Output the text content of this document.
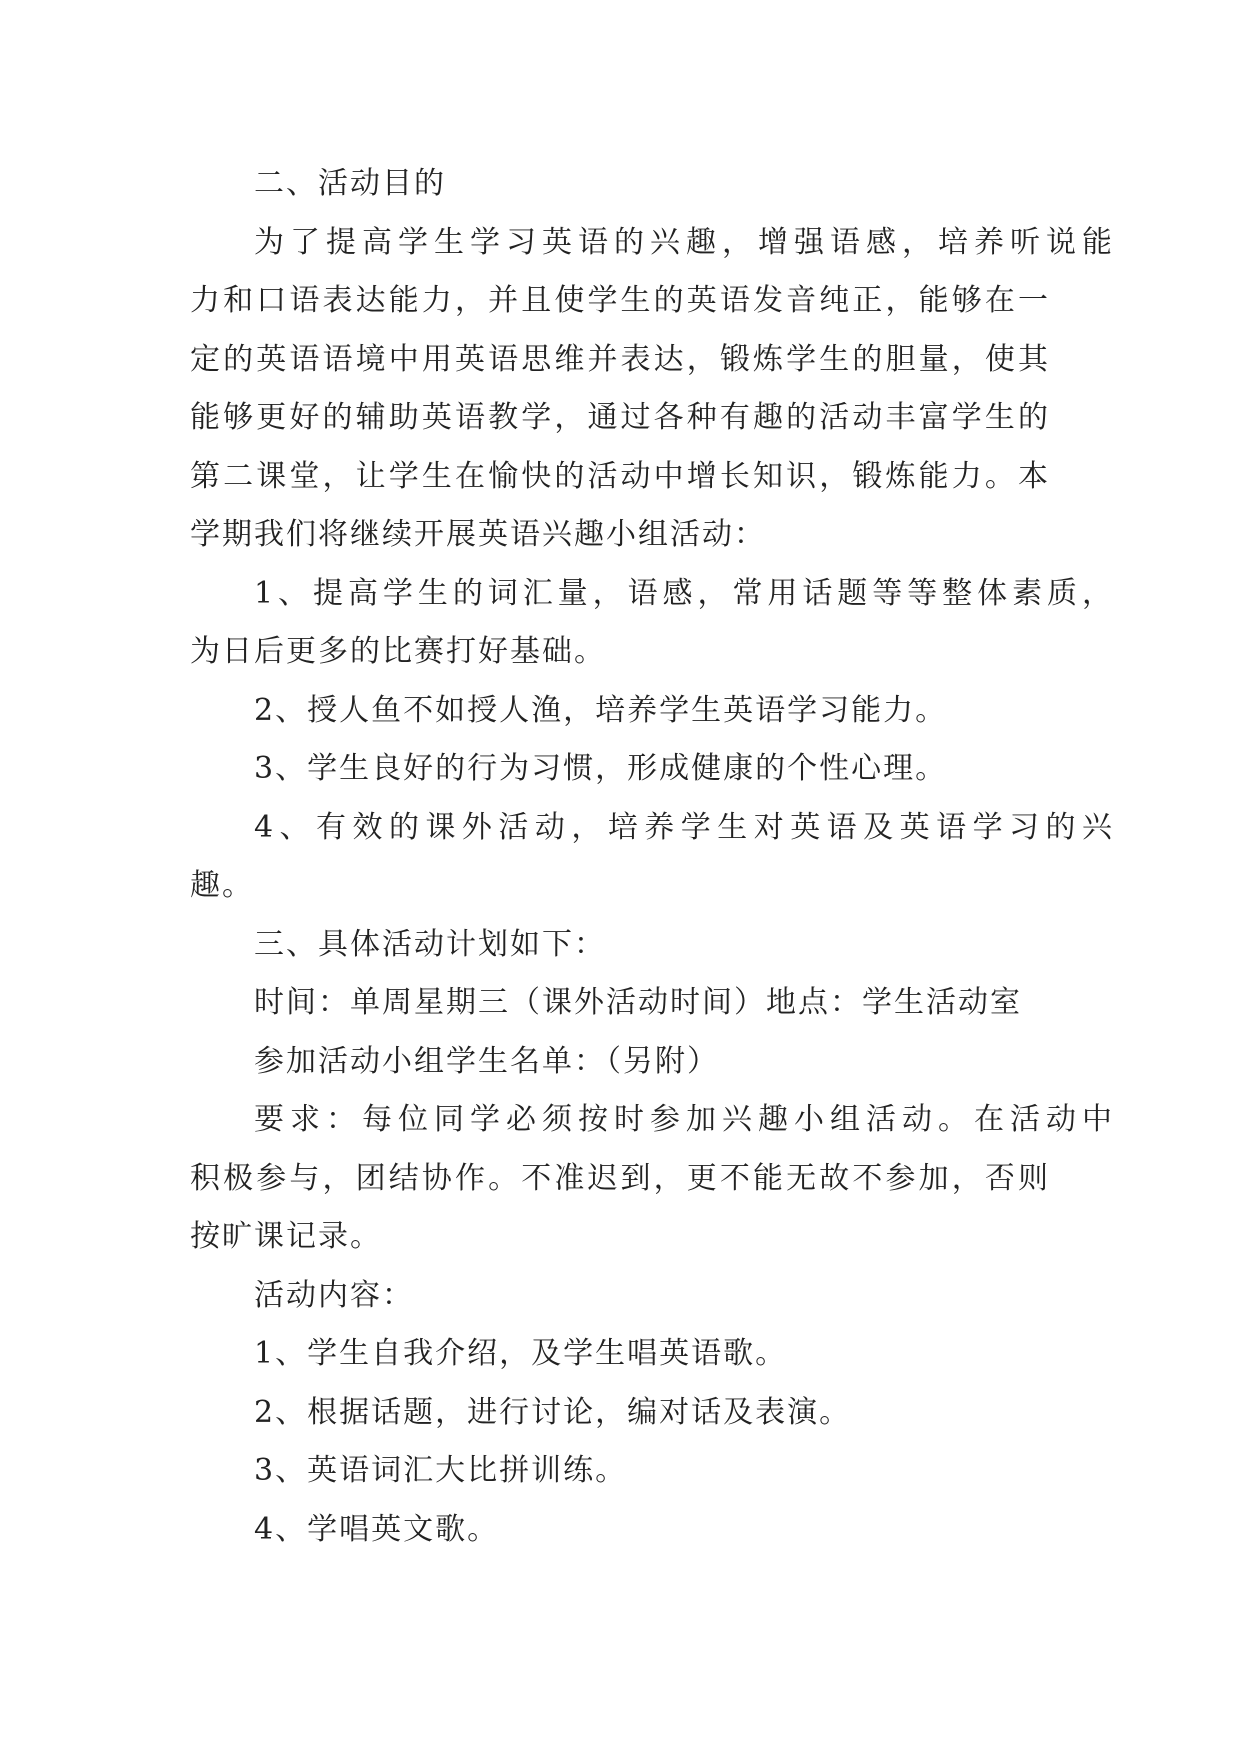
二、活动目的
为了提高学生学习英语的兴趣，增强语感，培养听说能
力和口语表达能力，并且使学生的英语发音纯正，能够在一
定的英语语境中用英语思维并表达，锻炼学生的胆量，使其
能够更好的辅助英语教学，通过各种有趣的活动丰富学生的
第二课堂，让学生在愉快的活动中增长知识，锻炼能力。本
学期我们将继续开展英语兴趣小组活动：
1、提高学生的词汇量，语感，常用话题等等整体素质，
为日后更多的比赛打好基础。
2、授人鱼不如授人渔，培养学生英语学习能力。
3、学生良好的行为习惯，形成健康的个性心理。
4、有效的课外活动，培养学生对英语及英语学习的兴
趣。
三、具体活动计划如下：
时间：单周星期三（课外活动时间）地点：学生活动室
参加活动小组学生名单：（另附）
要求：每位同学必须按时参加兴趣小组活动。在活动中
积极参与，团结协作。不准迟到，更不能无故不参加，否则
按旷课记录。
活动内容：
1、学生自我介绍，及学生唱英语歌。
2、根据话题，进行讨论，编对话及表演。
3、英语词汇大比拼训练。
4、学唱英文歌。
